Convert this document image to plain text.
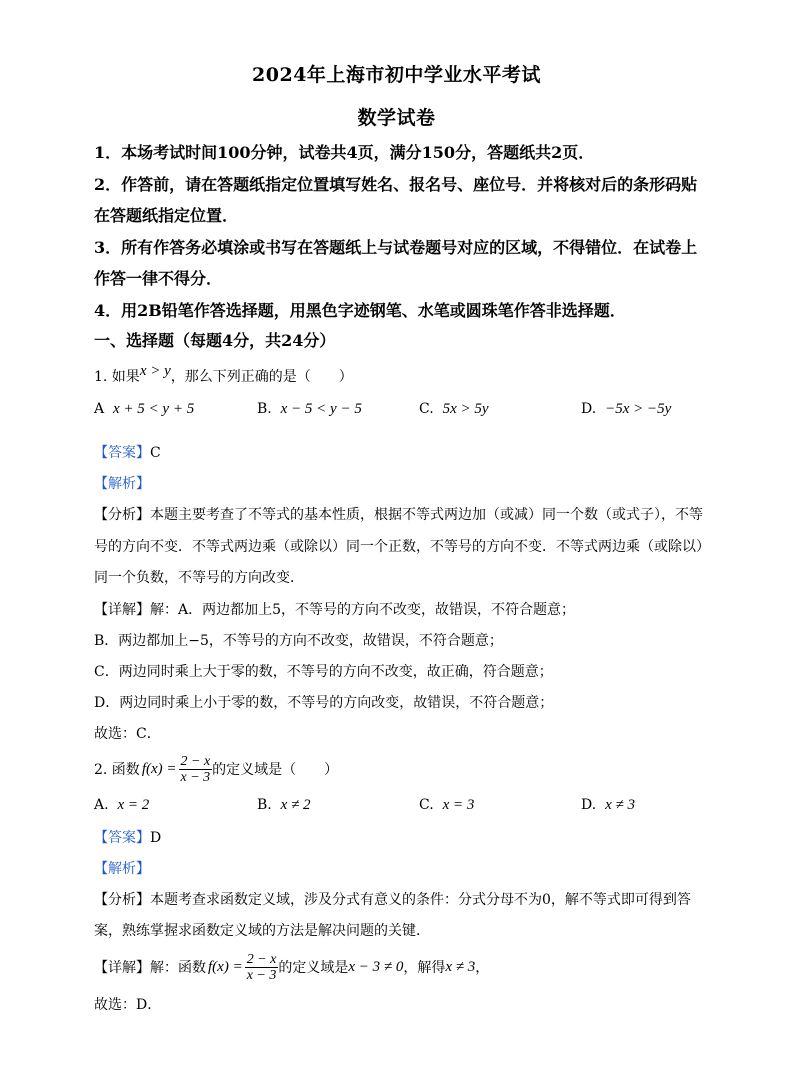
2024年上海市初中学业水平考试
数学试卷
1．本场考试时间100分钟，试卷共4页，满分150分，答题纸共2页．
2．作答前，请在答题纸指定位置填写姓名、报名号、座位号．并将核对后的条形码贴
在答题纸指定位置．
3．所有作答务必填涂或书写在答题纸上与试卷题号对应的区域，不得错位．在试卷上
作答一律不得分．
4．用2B铅笔作答选择题，用黑色字迹钢笔、水笔或圆珠笔作答非选择题．
一、选择题（每题4分，共24分）
1. 如果x > y，那么下列正确的是（　　）
A x + 5 < y + 5	B. x − 5 < y − 5	C. 5x > 5y	D. −5x > −5y
【答案】C
【解析】
【分析】本题主要考查了不等式的基本性质，根据不等式两边加（或减）同一个数（或式子），不等
号的方向不变．不等式两边乘（或除以）同一个正数，不等号的方向不变．不等式两边乘（或除以）
同一个负数，不等号的方向改变．
【详解】解：A．两边都加上5，不等号的方向不改变，故错误，不符合题意；
B．两边都加上−5，不等号的方向不改变，故错误，不符合题意；
C．两边同时乘上大于零的数，不等号的方向不改变，故正确，符合题意；
D．两边同时乘上小于零的数，不等号的方向改变，故错误，不符合题意；
故选：C．
2. 函数 $f(x) = \frac{2 - x}{x - 3}$ 的定义域是（　　）
A. x = 2	B. x ≠ 2	C. x = 3	D. x ≠ 3
【答案】D
【解析】
【分析】本题考查求函数定义域，涉及分式有意义的条件：分式分母不为0，解不等式即可得到答
案，熟练掌握求函数定义域的方法是解决问题的关键．
【详解】解：函数 $f(x) = \frac{2 - x}{x - 3}$ 的定义域是 x − 3 ≠ 0 ，解得 x ≠ 3 ，
故选：D．
